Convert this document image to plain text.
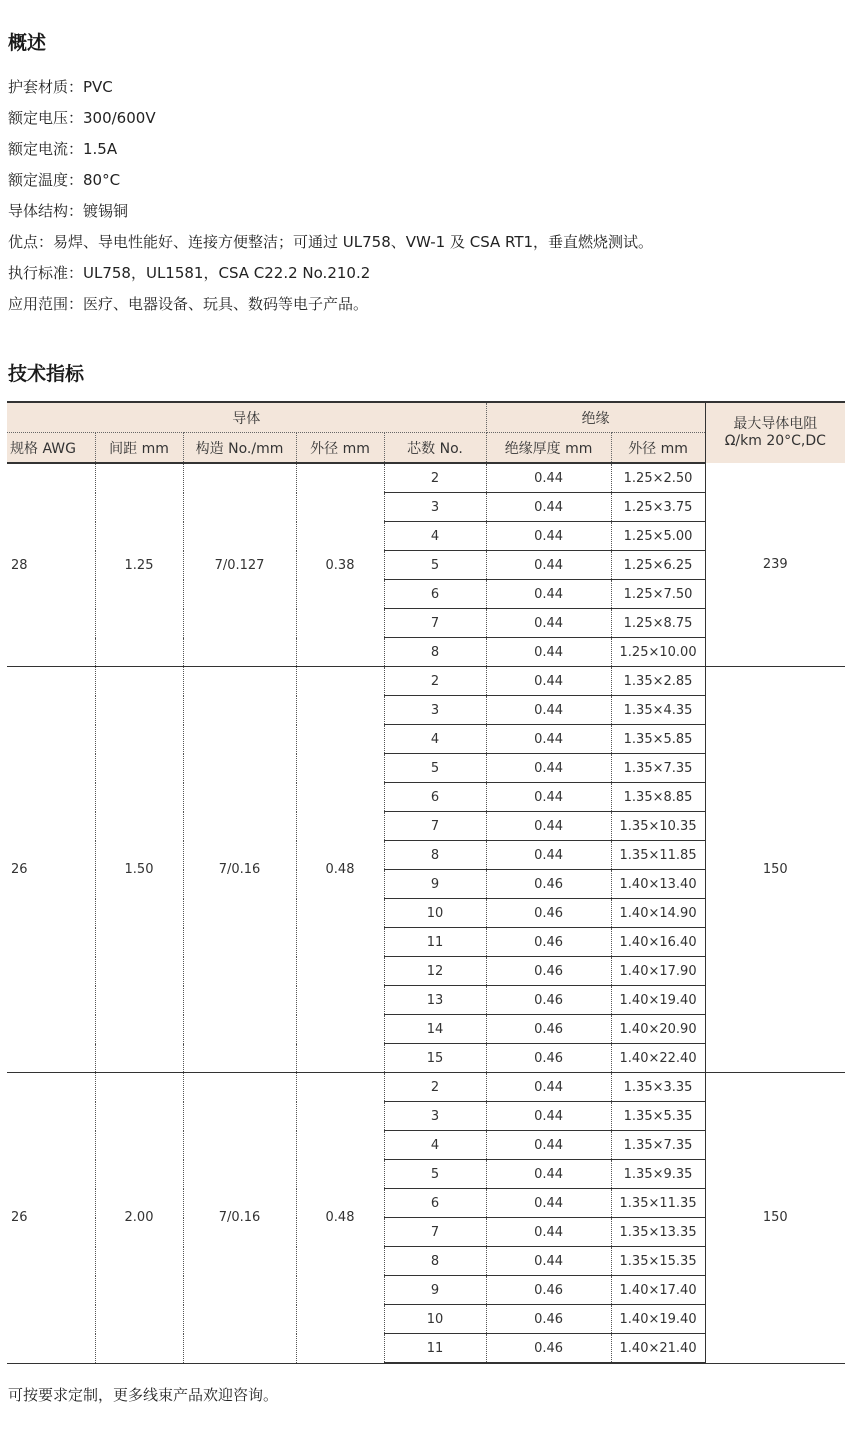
概述
护套材质：PVC
额定电压：300/600V
额定电流：1.5A
额定温度：80°C
导体结构：镀锡铜
优点：易焊、导电性能好、连接方便整洁；可通过 UL758、VW-1 及 CSA RT1，垂直燃烧测试。
执行标准：UL758，UL1581，CSA C22.2 No.210.2
应用范围：医疗、电器设备、玩具、数码等电子产品。
技术指标
导体					绝缘		最大导体电阻
Ω/km 20°C,DC

规格 AWG	间距 mm	构造 No./mm	外径 mm	芯数 No.	绝缘厚度 mm	外径 mm	
28	1.25	7/0.127	0.38	2	0.44	1.25×2.50	239
				3	0.44	1.25×3.75	
				4	0.44	1.25×5.00	
				5	0.44	1.25×6.25	
				6	0.44	1.25×7.50	
				7	0.44	1.25×8.75	
				8	0.44	1.25×10.00	
26	1.50	7/0.16	0.48	2	0.44	1.35×2.85	150
				3	0.44	1.35×4.35	
				4	0.44	1.35×5.85	
				5	0.44	1.35×7.35	
				6	0.44	1.35×8.85	
				7	0.44	1.35×10.35	
				8	0.44	1.35×11.85	
				9	0.46	1.40×13.40	
				10	0.46	1.40×14.90	
				11	0.46	1.40×16.40	
				12	0.46	1.40×17.90	
				13	0.46	1.40×19.40	
				14	0.46	1.40×20.90	
				15	0.46	1.40×22.40	
26	2.00	7/0.16	0.48	2	0.44	1.35×3.35	150
				3	0.44	1.35×5.35	
				4	0.44	1.35×7.35	
				5	0.44	1.35×9.35	
				6	0.44	1.35×11.35	
				7	0.44	1.35×13.35	
				8	0.44	1.35×15.35	
				9	0.46	1.40×17.40	
				10	0.46	1.40×19.40	
				11	0.46	1.40×21.40	

可按要求定制，更多线束产品欢迎咨询。
